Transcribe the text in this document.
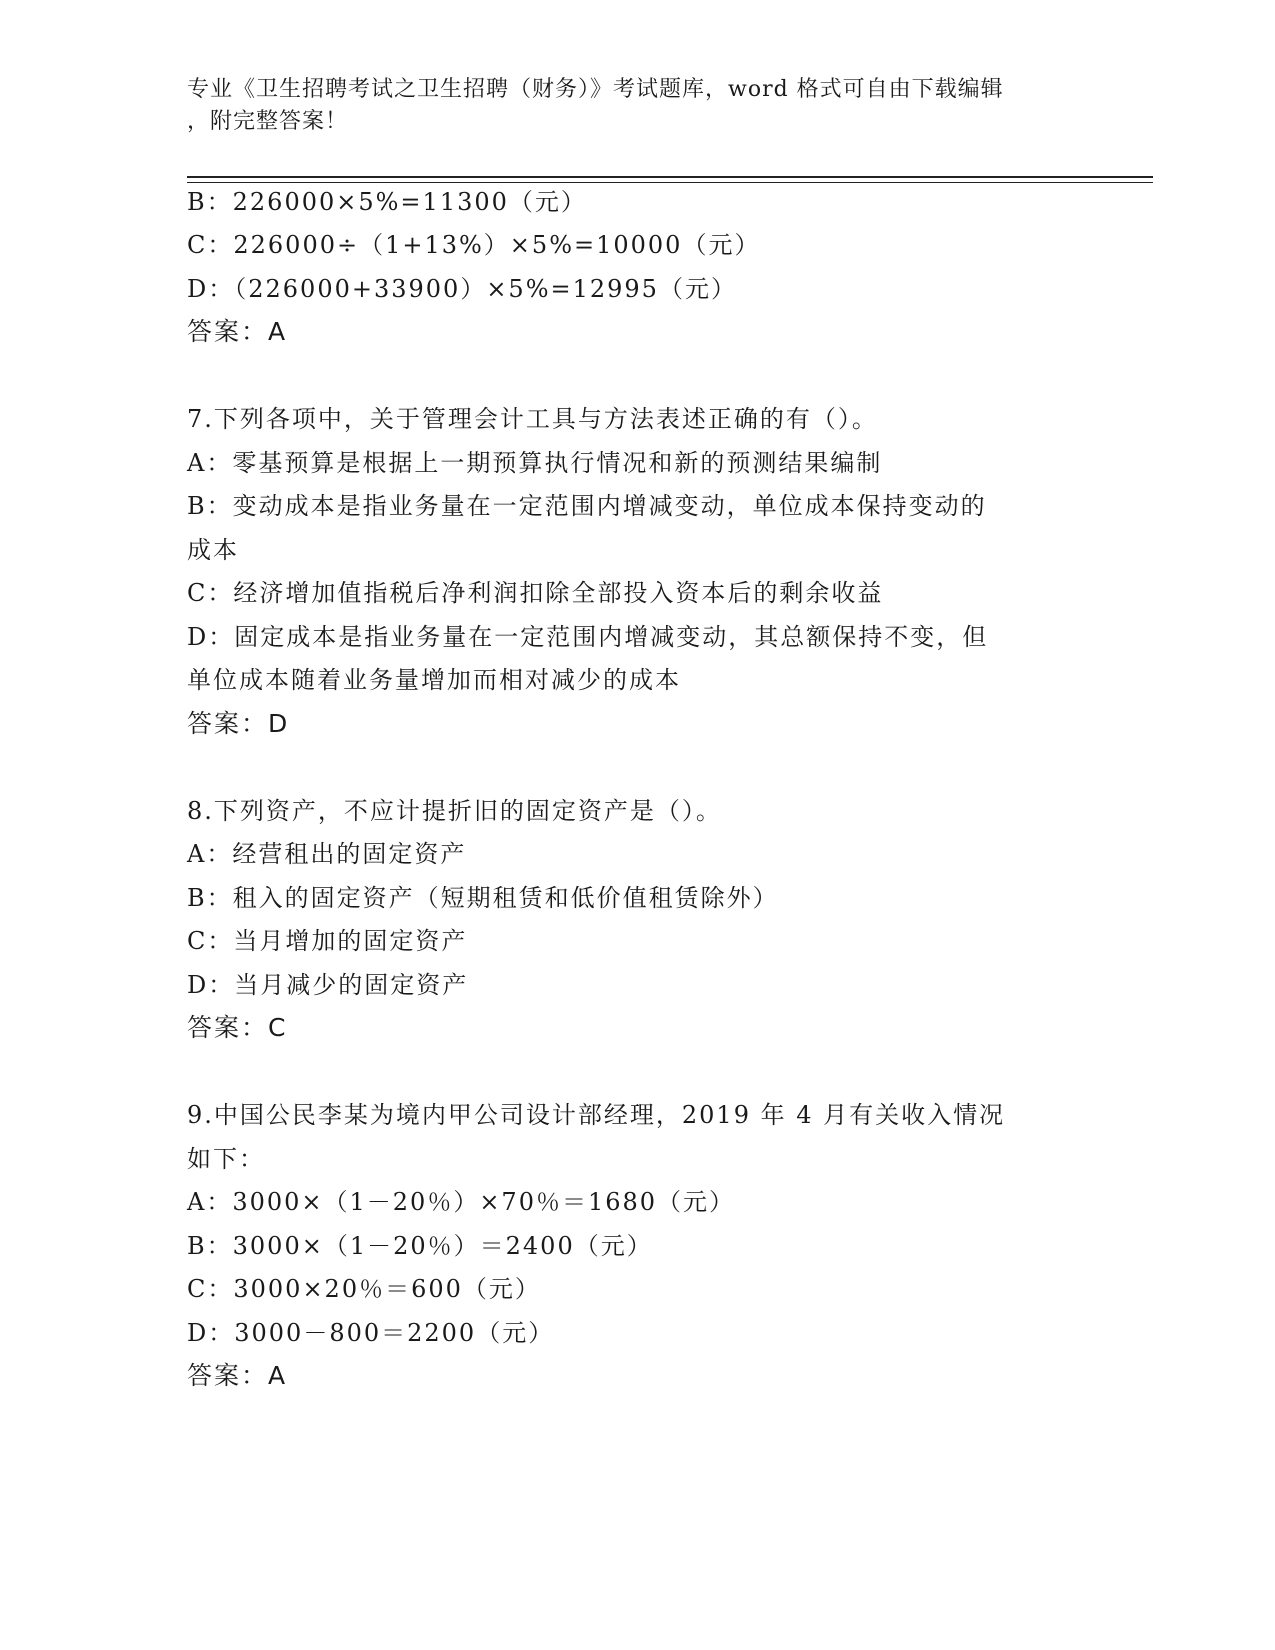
专业《卫生招聘考试之卫生招聘（财务）》考试题库，word 格式可自由下载编辑
，附完整答案！
B：226000×5%=11300（元）
C：226000÷（1+13%）×5%=10000（元）
D：（226000+33900）×5%=12995（元）
答案：A
7.下列各项中，关于管理会计工具与方法表述正确的有（）。
A：零基预算是根据上一期预算执行情况和新的预测结果编制
B：变动成本是指业务量在一定范围内增减变动，单位成本保持变动的
成本
C：经济增加值指税后净利润扣除全部投入资本后的剩余收益
D：固定成本是指业务量在一定范围内增减变动，其总额保持不变，但
单位成本随着业务量增加而相对减少的成本
答案：D
8.下列资产，不应计提折旧的固定资产是（）。
A：经营租出的固定资产
B：租入的固定资产（短期租赁和低价值租赁除外）
C：当月增加的固定资产
D：当月减少的固定资产
答案：C
9.中国公民李某为境内甲公司设计部经理，2019 年 4 月有关收入情况
如下：
A：3000×（1－20％）×70％＝1680（元）
B：3000×（1－20％）＝2400（元）
C：3000×20％＝600（元）
D：3000－800＝2200（元）
答案：A
